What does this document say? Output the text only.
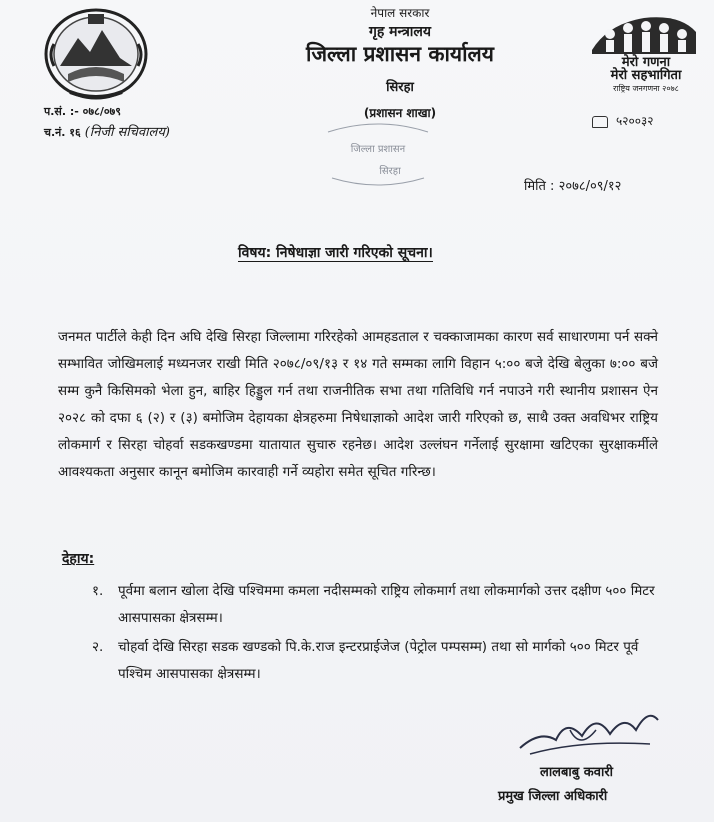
नेपाल सरकार
गृह मन्त्रालय
जिल्ला प्रशासन कार्यालय
सिरहा
(प्रशासन शाखा)
जिल्ला प्रशासन
सिरहा
प.सं. :- ०७८/०७९
च.नं. १६ (निजी सचिवालय)
मेरो गणना
मेरो सहभागिता
राष्ट्रिय जनगणना २०७८
५२००३२
मिति : २०७८/०९/१२
विषय: निषेधाज्ञा जारी गरिएको सूचना।
जनमत पार्टीले केही दिन अघि देखि सिरहा जिल्लामा गरिरहेको आमहडताल र चक्काजामका कारण सर्व साधारणमा पर्न सक्ने सम्भावित जोखिमलाई मध्यनजर राखी मिति २०७८/०९/१३ र १४ गते सम्मका लागि विहान ५:०० बजे देखि बेलुका ७:०० बजे सम्म कुनै किसिमको भेला हुन, बाहिर हिड्डुल गर्न तथा राजनीतिक सभा तथा गतिविधि गर्न नपाउने गरी स्थानीय प्रशासन ऐन २०२८ को दफा ६ (२) र (३) बमोजिम देहायका क्षेत्रहरुमा निषेधाज्ञाको आदेश जारी गरिएको छ, साथै उक्त अवधिभर राष्ट्रिय लोकमार्ग र सिरहा चोहर्वा सडकखण्डमा यातायात सुचारु रहनेछ। आदेश उल्लंघन गर्नेलाई सुरक्षामा खटिएका सुरक्षाकर्मीले आवश्यकता अनुसार कानून बमोजिम कारवाही गर्ने व्यहोरा समेत सूचित गरिन्छ।
देहाय:
१. पूर्वमा बलान खोला देखि पश्चिममा कमला नदीसम्मको राष्ट्रिय लोकमार्ग तथा लोकमार्गको उत्तर दक्षीण ५०० मिटर आसपासका क्षेत्रसम्म।
२. चोहर्वा देखि सिरहा सडक खण्डको पि.के.राज इन्टरप्राईजेज (पेट्रोल पम्पसम्म) तथा सो मार्गको ५०० मिटर पूर्व पश्चिम आसपासका क्षेत्रसम्म।
लालबाबु कवारी
प्रमुख जिल्ला अधिकारी
